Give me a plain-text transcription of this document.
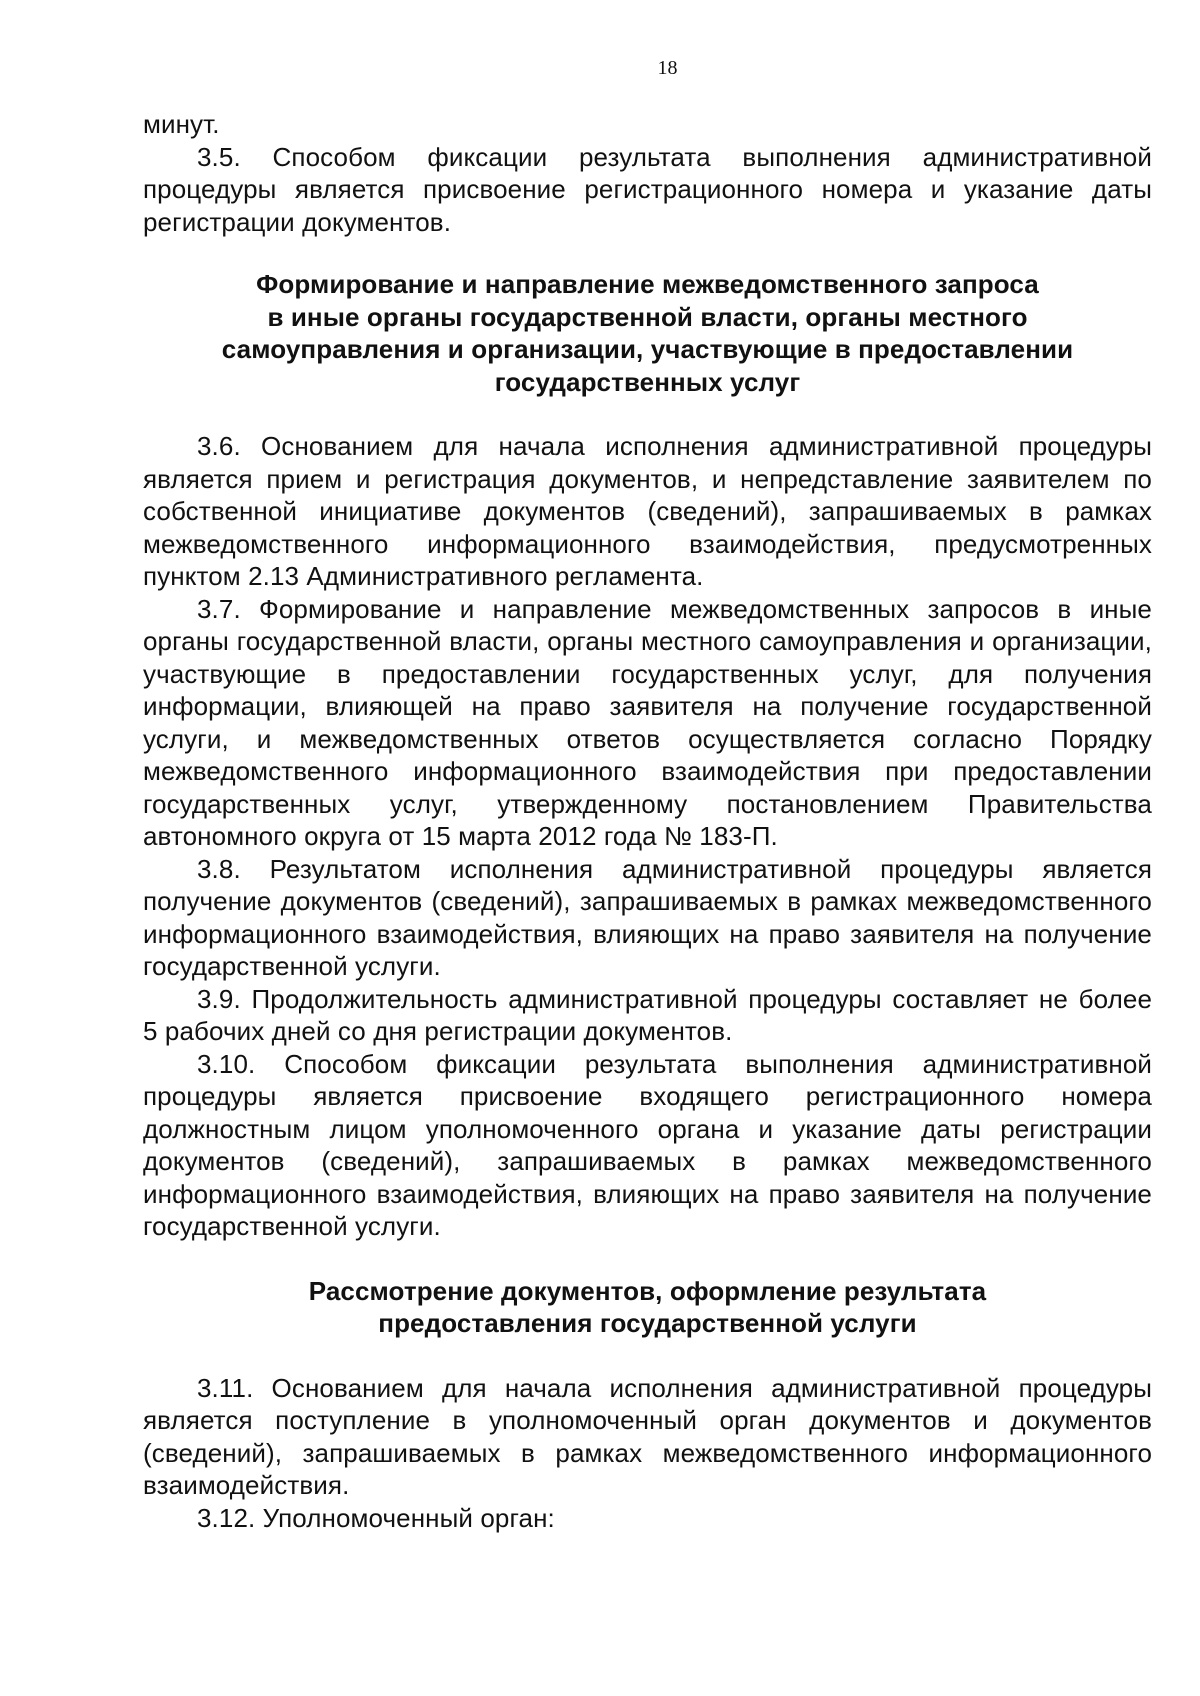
18

минут.

3.5. Способом фиксации результата выполнения административной процедуры является присвоение регистрационного номера и указание даты регистрации документов.

Формирование и направление межведомственного запроса
в иные органы государственной власти, органы местного
самоуправления и организации, участвующие в предоставлении
государственных услуг

3.6. Основанием для начала исполнения административной процедуры является прием и регистрация документов, и непредставление заявителем по собственной инициативе документов (сведений), запрашиваемых в рамках межведомственного информационного взаимодействия, предусмотренных пунктом 2.13 Административного регламента.

3.7. Формирование и направление межведомственных запросов в иные органы государственной власти, органы местного самоуправления и организации, участвующие в предоставлении государственных услуг, для получения информации, влияющей на право заявителя на получение государственной услуги, и межведомственных ответов осуществляется согласно Порядку межведомственного информационного взаимодействия при предоставлении государственных услуг, утвержденному постановлением Правительства автономного округа от 15 марта 2012 года № 183-П.

3.8. Результатом исполнения административной процедуры является получение документов (сведений), запрашиваемых в рамках межведомственного информационного взаимодействия, влияющих на право заявителя на получение государственной услуги.

3.9. Продолжительность административной процедуры составляет не более 5 рабочих дней со дня регистрации документов.

3.10. Способом фиксации результата выполнения административной процедуры является присвоение входящего регистрационного номера должностным лицом уполномоченного органа и указание даты регистрации документов (сведений), запрашиваемых в рамках межведомственного информационного взаимодействия, влияющих на право заявителя на получение государственной услуги.

Рассмотрение документов, оформление результата
предоставления государственной услуги

3.11. Основанием для начала исполнения административной процедуры является поступление в уполномоченный орган документов и документов (сведений), запрашиваемых в рамках межведомственного информационного взаимодействия.

3.12. Уполномоченный орган:
